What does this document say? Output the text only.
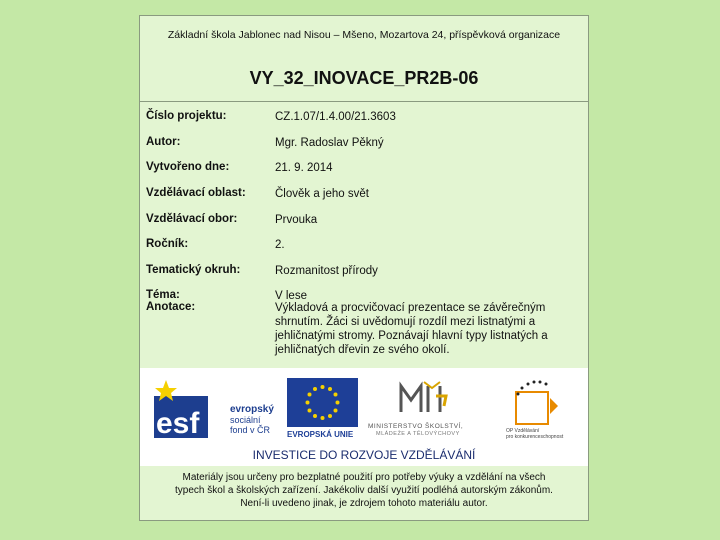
Základní škola Jablonec nad Nisou – Mšeno, Mozartova 24, příspěvková organizace
VY_32_INOVACE_PR2B-06
Číslo projektu:	CZ.1.07/1.4.00/21.3603
Autor:	Mgr. Radoslav Pěkný
Vytvořeno dne:	21. 9. 2014
Vzdělávací oblast:	Člověk a jeho svět
Vzdělávací obor:	Prvouka
Ročník:	2.
Tematický okruh:	Rozmanitost přírody
Téma:	V lese
Anotace:	Výkladová a procvičovací prezentace se závěrečným shrnutím. Žáci si uvědomují rozdíl mezi listnatými a jehličnatými stromy. Poznávají hlavní typy listnatých a jehličnatých dřevin ze svého okolí.
esf	evropský
sociální
fond v ČR	EVROPSKÁ UNIE
MINISTERSTVO ŠKOLSTVÍ,
MLÁDEŽE A TĚLOVÝCHOVY	OP Vzdělávání
pro konkurenceschopnost
INVESTICE DO ROZVOJE VZDĚLÁVÁNÍ
Materiály jsou určeny pro bezplatné použití pro potřeby výuky a vzdělání na všech
typech škol a školských zařízení. Jakékoliv další využití podléhá autorským zákonům.
Není-li uvedeno jinak, je zdrojem tohoto materiálu autor.
